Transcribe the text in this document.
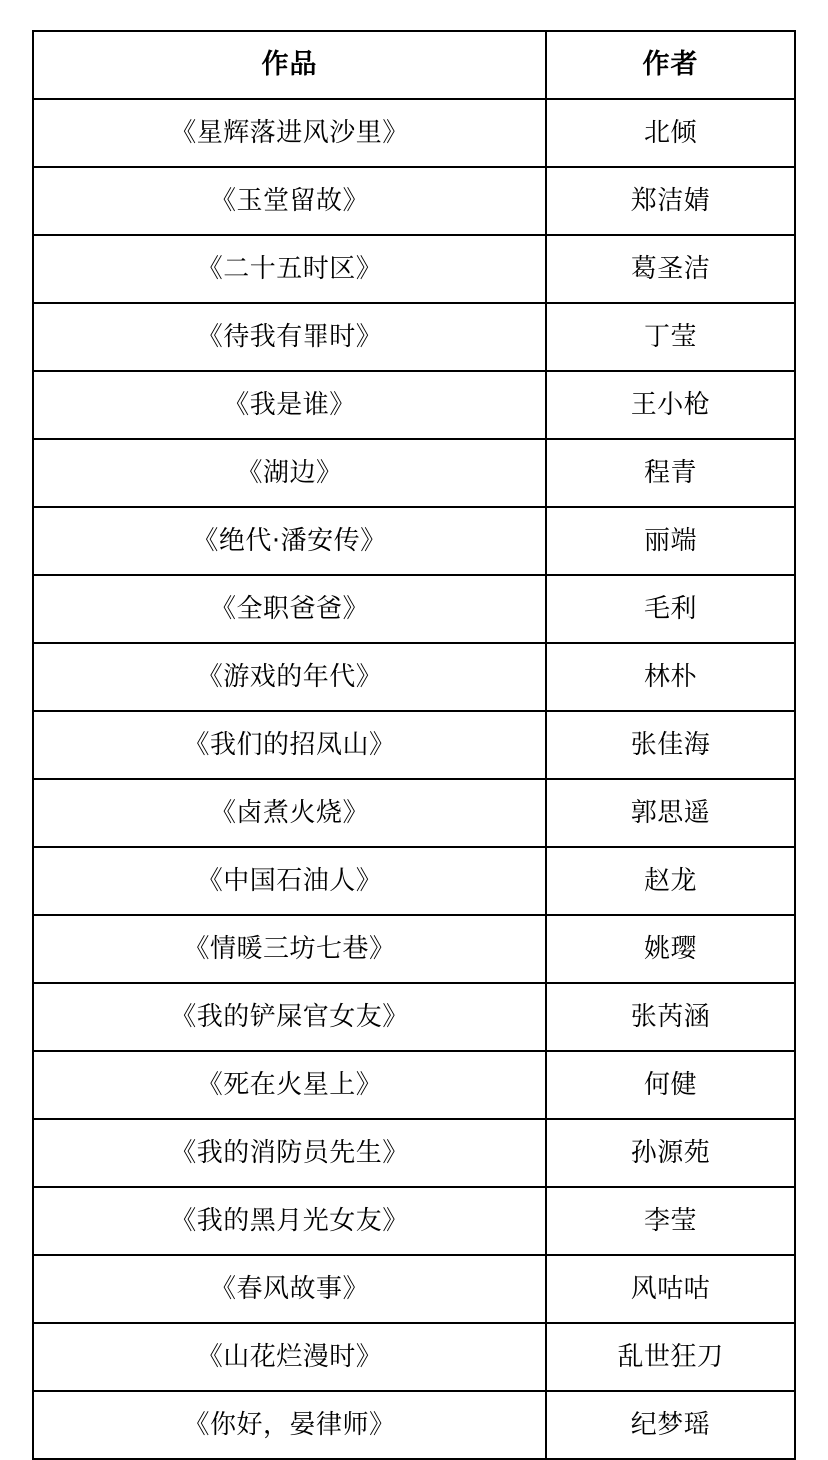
作品	作者
《星辉落进风沙里》	北倾
《玉堂留故》	郑洁婧
《二十五时区》	葛圣洁
《待我有罪时》	丁莹
《我是谁》	王小枪
《湖边》	程青
《绝代·潘安传》	丽端
《全职爸爸》	毛利
《游戏的年代》	林朴
《我们的招凤山》	张佳海
《卤煮火烧》	郭思遥
《中国石油人》	赵龙
《情暖三坊七巷》	姚璎
《我的铲屎官女友》	张芮涵
《死在火星上》	何健
《我的消防员先生》	孙源苑
《我的黑月光女友》	李莹
《春风故事》	风咕咕
《山花烂漫时》	乱世狂刀
《你好，晏律师》	纪梦瑶
